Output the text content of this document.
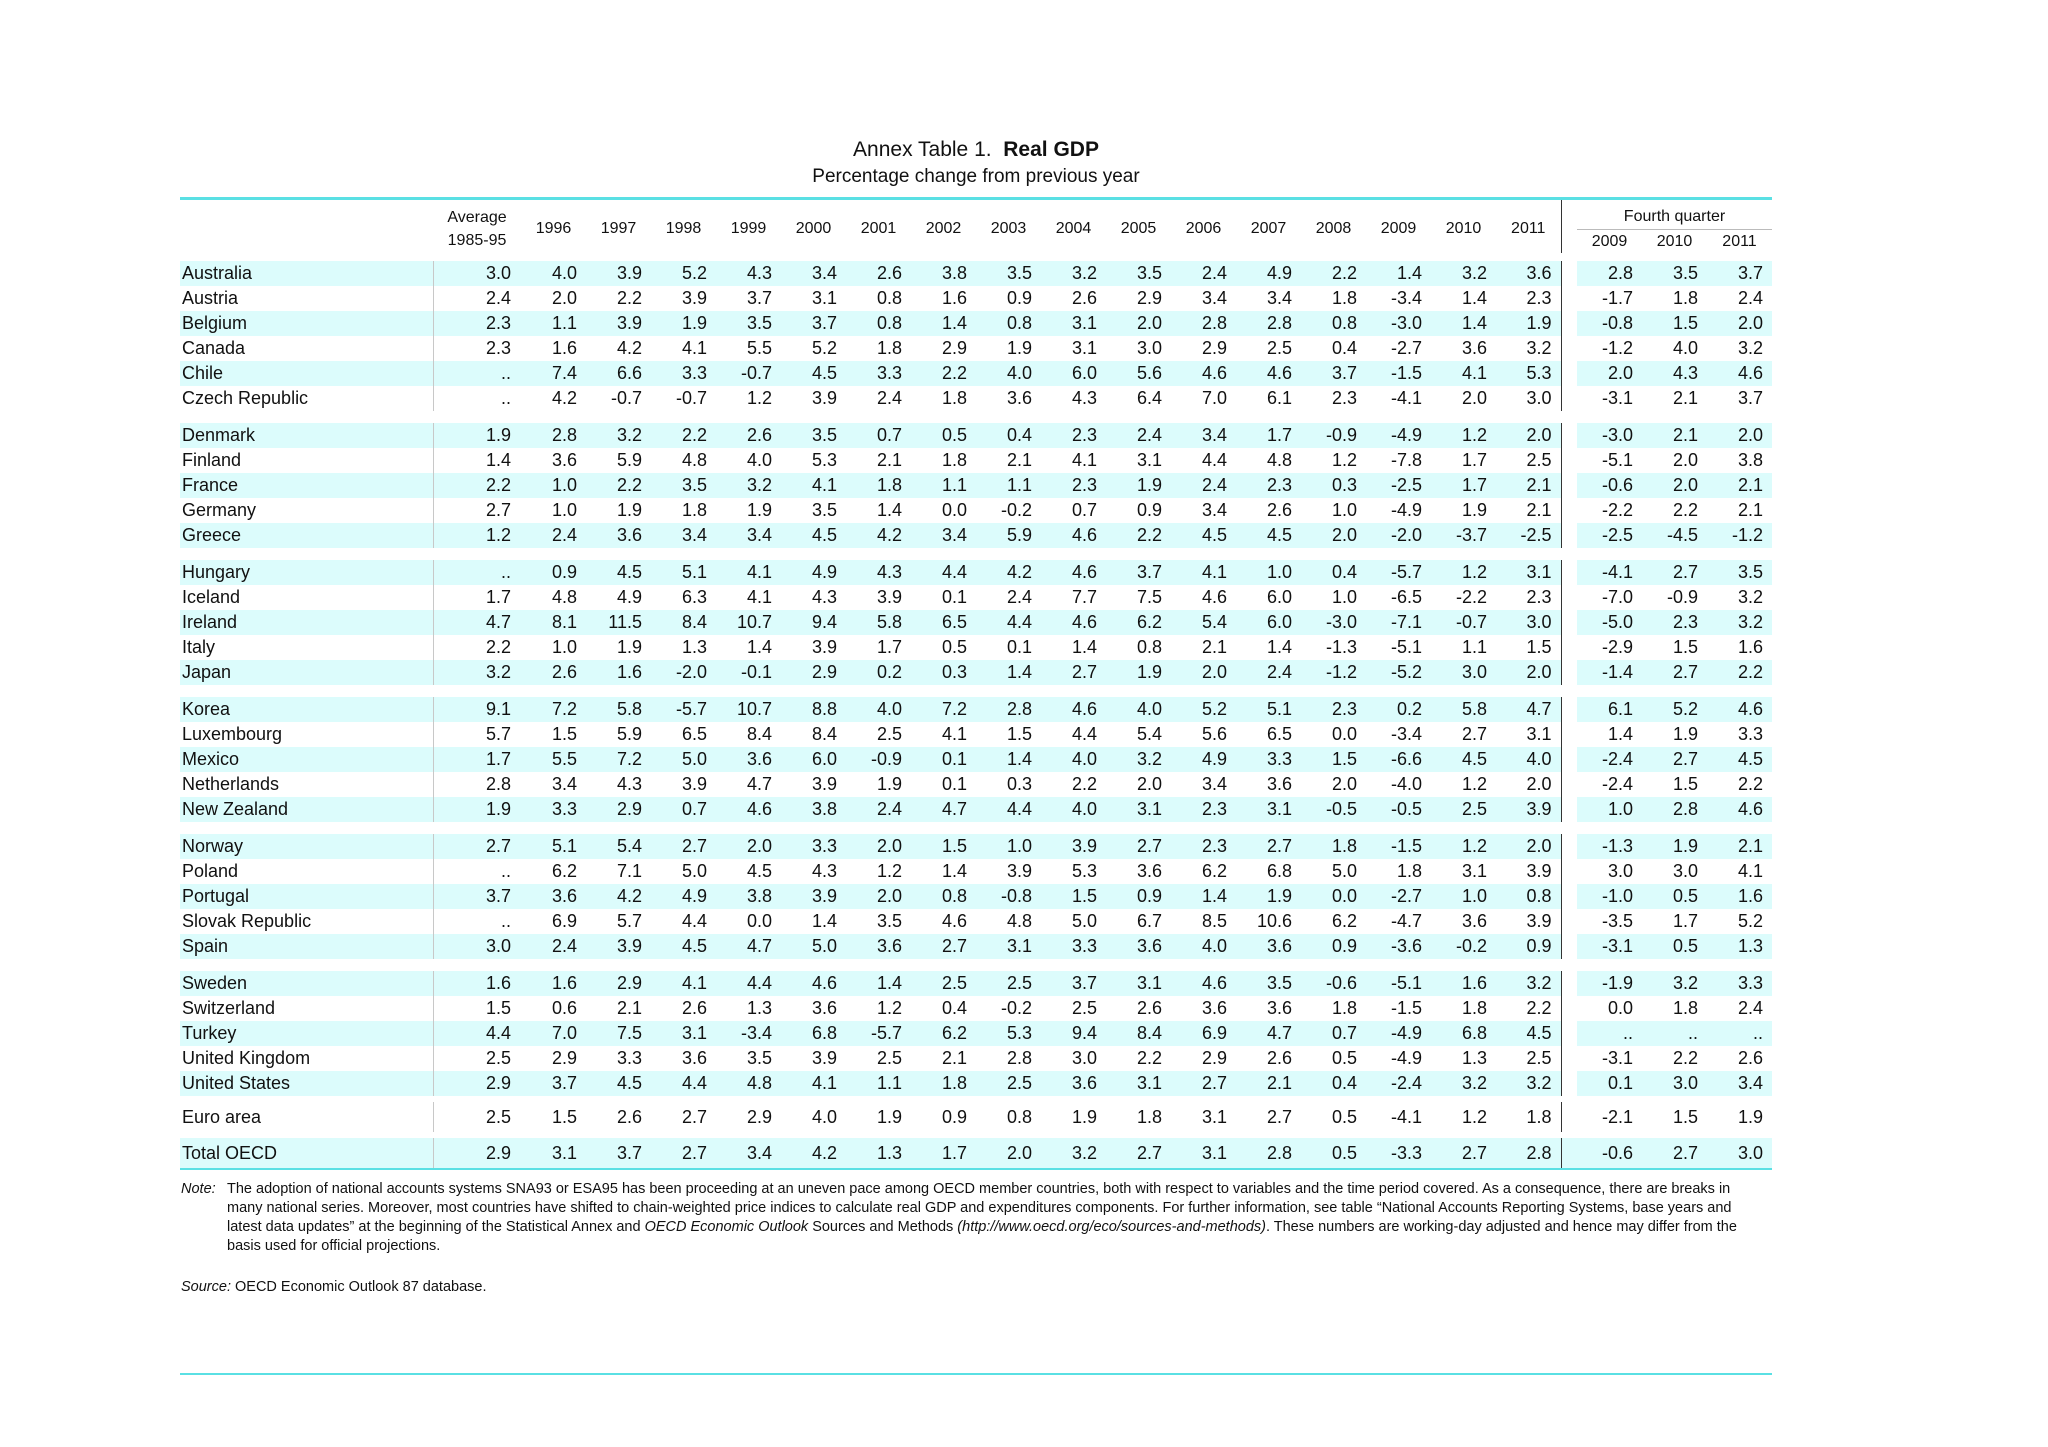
Annex Table 1. Real GDP
Percentage change from previous year

	Average
1985-95	1996	1997	1998	1999	2000	2001	2002	2003	2004	2005	2006	2007	2008	2009	2010	2011		Fourth quarter		
																			2009	2010	2011
Australia	3.0	4.0	3.9	5.2	4.3	3.4	2.6	3.8	3.5	3.2	3.5	2.4	4.9	2.2	1.4	3.2	3.6		2.8	3.5	3.7
Austria	2.4	2.0	2.2	3.9	3.7	3.1	0.8	1.6	0.9	2.6	2.9	3.4	3.4	1.8	-3.4	1.4	2.3		-1.7	1.8	2.4
Belgium	2.3	1.1	3.9	1.9	3.5	3.7	0.8	1.4	0.8	3.1	2.0	2.8	2.8	0.8	-3.0	1.4	1.9		-0.8	1.5	2.0
Canada	2.3	1.6	4.2	4.1	5.5	5.2	1.8	2.9	1.9	3.1	3.0	2.9	2.5	0.4	-2.7	3.6	3.2		-1.2	4.0	3.2
Chile	..	7.4	6.6	3.3	-0.7	4.5	3.3	2.2	4.0	6.0	5.6	4.6	4.6	3.7	-1.5	4.1	5.3		2.0	4.3	4.6
Czech Republic	..	4.2	-0.7	-0.7	1.2	3.9	2.4	1.8	3.6	4.3	6.4	7.0	6.1	2.3	-4.1	2.0	3.0		-3.1	2.1	3.7
Denmark	1.9	2.8	3.2	2.2	2.6	3.5	0.7	0.5	0.4	2.3	2.4	3.4	1.7	-0.9	-4.9	1.2	2.0		-3.0	2.1	2.0
Finland	1.4	3.6	5.9	4.8	4.0	5.3	2.1	1.8	2.1	4.1	3.1	4.4	4.8	1.2	-7.8	1.7	2.5		-5.1	2.0	3.8
France	2.2	1.0	2.2	3.5	3.2	4.1	1.8	1.1	1.1	2.3	1.9	2.4	2.3	0.3	-2.5	1.7	2.1		-0.6	2.0	2.1
Germany	2.7	1.0	1.9	1.8	1.9	3.5	1.4	0.0	-0.2	0.7	0.9	3.4	2.6	1.0	-4.9	1.9	2.1		-2.2	2.2	2.1
Greece	1.2	2.4	3.6	3.4	3.4	4.5	4.2	3.4	5.9	4.6	2.2	4.5	4.5	2.0	-2.0	-3.7	-2.5		-2.5	-4.5	-1.2
Hungary	..	0.9	4.5	5.1	4.1	4.9	4.3	4.4	4.2	4.6	3.7	4.1	1.0	0.4	-5.7	1.2	3.1		-4.1	2.7	3.5
Iceland	1.7	4.8	4.9	6.3	4.1	4.3	3.9	0.1	2.4	7.7	7.5	4.6	6.0	1.0	-6.5	-2.2	2.3		-7.0	-0.9	3.2
Ireland	4.7	8.1	11.5	8.4	10.7	9.4	5.8	6.5	4.4	4.6	6.2	5.4	6.0	-3.0	-7.1	-0.7	3.0		-5.0	2.3	3.2
Italy	2.2	1.0	1.9	1.3	1.4	3.9	1.7	0.5	0.1	1.4	0.8	2.1	1.4	-1.3	-5.1	1.1	1.5		-2.9	1.5	1.6
Japan	3.2	2.6	1.6	-2.0	-0.1	2.9	0.2	0.3	1.4	2.7	1.9	2.0	2.4	-1.2	-5.2	3.0	2.0		-1.4	2.7	2.2
Korea	9.1	7.2	5.8	-5.7	10.7	8.8	4.0	7.2	2.8	4.6	4.0	5.2	5.1	2.3	0.2	5.8	4.7		6.1	5.2	4.6
Luxembourg	5.7	1.5	5.9	6.5	8.4	8.4	2.5	4.1	1.5	4.4	5.4	5.6	6.5	0.0	-3.4	2.7	3.1		1.4	1.9	3.3
Mexico	1.7	5.5	7.2	5.0	3.6	6.0	-0.9	0.1	1.4	4.0	3.2	4.9	3.3	1.5	-6.6	4.5	4.0		-2.4	2.7	4.5
Netherlands	2.8	3.4	4.3	3.9	4.7	3.9	1.9	0.1	0.3	2.2	2.0	3.4	3.6	2.0	-4.0	1.2	2.0		-2.4	1.5	2.2
New Zealand	1.9	3.3	2.9	0.7	4.6	3.8	2.4	4.7	4.4	4.0	3.1	2.3	3.1	-0.5	-0.5	2.5	3.9		1.0	2.8	4.6
Norway	2.7	5.1	5.4	2.7	2.0	3.3	2.0	1.5	1.0	3.9	2.7	2.3	2.7	1.8	-1.5	1.2	2.0		-1.3	1.9	2.1
Poland	..	6.2	7.1	5.0	4.5	4.3	1.2	1.4	3.9	5.3	3.6	6.2	6.8	5.0	1.8	3.1	3.9		3.0	3.0	4.1
Portugal	3.7	3.6	4.2	4.9	3.8	3.9	2.0	0.8	-0.8	1.5	0.9	1.4	1.9	0.0	-2.7	1.0	0.8		-1.0	0.5	1.6
Slovak Republic	..	6.9	5.7	4.4	0.0	1.4	3.5	4.6	4.8	5.0	6.7	8.5	10.6	6.2	-4.7	3.6	3.9		-3.5	1.7	5.2
Spain	3.0	2.4	3.9	4.5	4.7	5.0	3.6	2.7	3.1	3.3	3.6	4.0	3.6	0.9	-3.6	-0.2	0.9		-3.1	0.5	1.3
Sweden	1.6	1.6	2.9	4.1	4.4	4.6	1.4	2.5	2.5	3.7	3.1	4.6	3.5	-0.6	-5.1	1.6	3.2		-1.9	3.2	3.3
Switzerland	1.5	0.6	2.1	2.6	1.3	3.6	1.2	0.4	-0.2	2.5	2.6	3.6	3.6	1.8	-1.5	1.8	2.2		0.0	1.8	2.4
Turkey	4.4	7.0	7.5	3.1	-3.4	6.8	-5.7	6.2	5.3	9.4	8.4	6.9	4.7	0.7	-4.9	6.8	4.5		..	..	..
United Kingdom	2.5	2.9	3.3	3.6	3.5	3.9	2.5	2.1	2.8	3.0	2.2	2.9	2.6	0.5	-4.9	1.3	2.5		-3.1	2.2	2.6
United States	2.9	3.7	4.5	4.4	4.8	4.1	1.1	1.8	2.5	3.6	3.1	2.7	2.1	0.4	-2.4	3.2	3.2		0.1	3.0	3.4
Euro area	2.5	1.5	2.6	2.7	2.9	4.0	1.9	0.9	0.8	1.9	1.8	3.1	2.7	0.5	-4.1	1.2	1.8		-2.1	1.5	1.9
Total OECD	2.9	3.1	3.7	2.7	3.4	4.2	1.3	1.7	2.0	3.2	2.7	3.1	2.8	0.5	-3.3	2.7	2.8		-0.6	2.7	3.0
Note: The adoption of national accounts systems SNA93 or ESA95 has been proceeding at an uneven pace among OECD member countries, both with respect to variables and the time period covered. As a consequence, there are breaks in many national series. Moreover, most countries have shifted to chain-weighted price indices to calculate real GDP and expenditures components. For further information, see table “National Accounts Reporting Systems, base years and latest data updates” at the beginning of the Statistical Annex and OECD Economic Outlook Sources and Methods (http://www.oecd.org/eco/sources-and-methods). These numbers are working-day adjusted and hence may differ from the basis used for official projections.
Source: OECD Economic Outlook 87 database.
